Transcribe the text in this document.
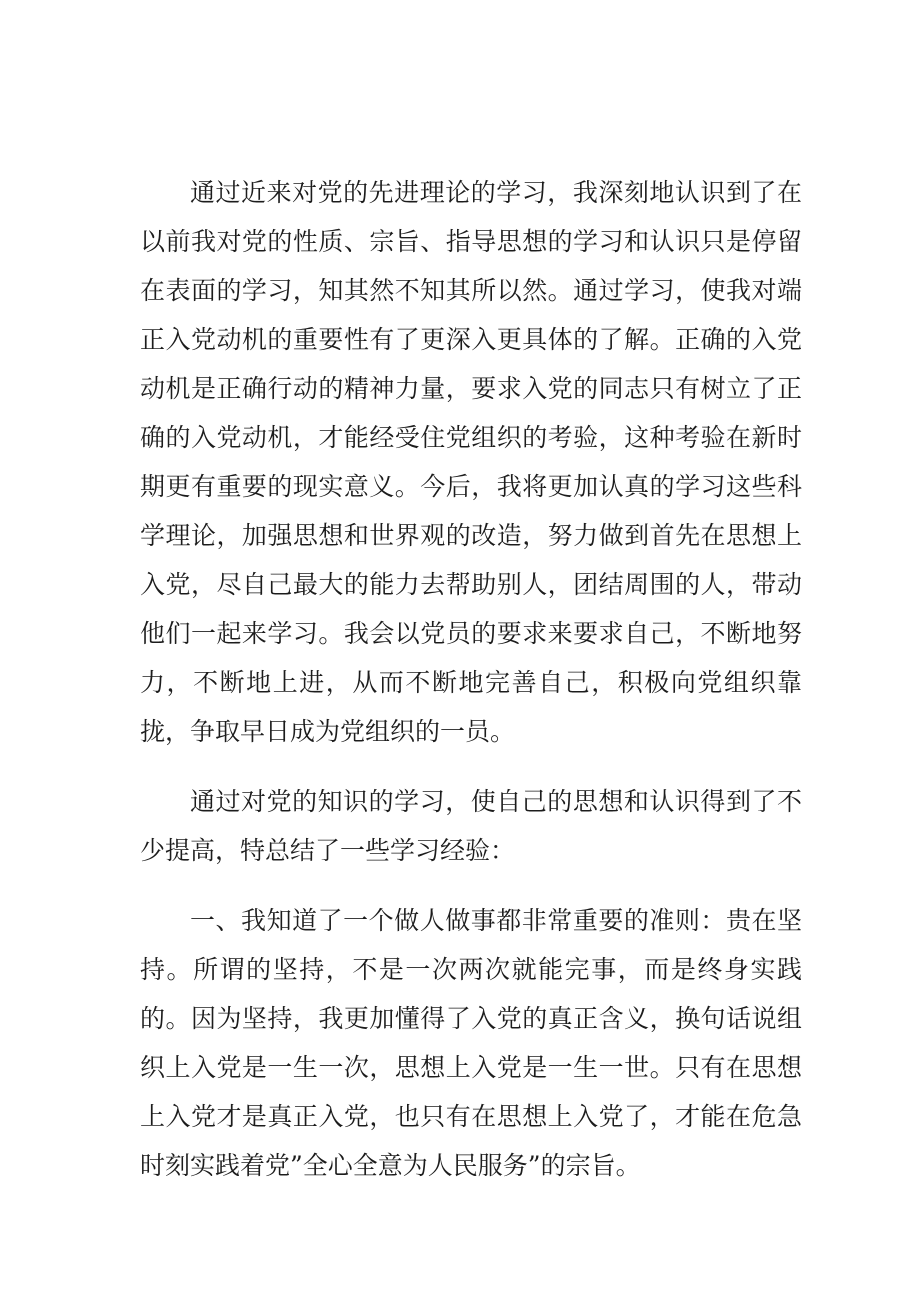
通过近来对党的先进理论的学习，我深刻地认识到了在以前我对党的性质、宗旨、指导思想的学习和认识只是停留在表面的学习，知其然不知其所以然。通过学习，使我对端正入党动机的重要性有了更深入更具体的了解。正确的入党动机是正确行动的精神力量，要求入党的同志只有树立了正确的入党动机，才能经受住党组织的考验，这种考验在新时期更有重要的现实意义。今后，我将更加认真的学习这些科学理论，加强思想和世界观的改造，努力做到首先在思想上入党，尽自己最大的能力去帮助别人，团结周围的人，带动他们一起来学习。我会以党员的要求来要求自己，不断地努力，不断地上进，从而不断地完善自己，积极向党组织靠拢，争取早日成为党组织的一员。

通过对党的知识的学习，使自己的思想和认识得到了不少提高，特总结了一些学习经验：

一、我知道了一个做人做事都非常重要的准则：贵在坚持。所谓的坚持，不是一次两次就能完事，而是终身实践的。因为坚持，我更加懂得了入党的真正含义，换句话说组织上入党是一生一次，思想上入党是一生一世。只有在思想上入党才是真正入党，也只有在思想上入党了，才能在危急时刻实践着党”全心全意为人民服务”的宗旨。
